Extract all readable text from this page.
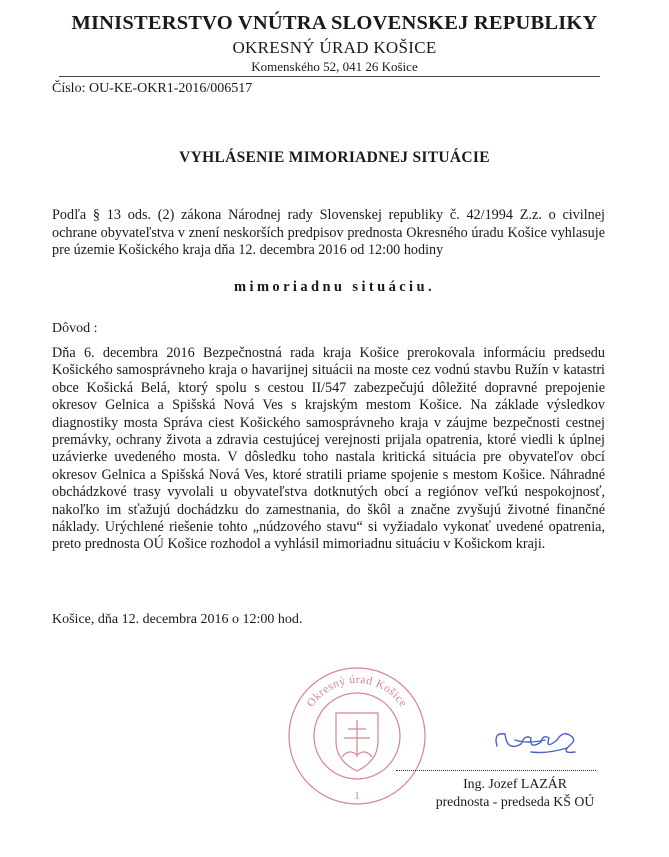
MINISTERSTVO VNÚTRA SLOVENSKEJ REPUBLIKY
OKRESNÝ ÚRAD KOŠICE
Komenského 52, 041 26 Košice
Číslo: OU-KE-OKR1-2016/006517
VYHLÁSENIE MIMORIADNEJ SITUÁCIE

Podľa § 13 ods. (2) zákona Národnej rady Slovenskej republiky č. 42/1994 Z.z. o civilnej ochrane obyvateľstva v znení neskorších predpisov prednosta Okresného úradu Košice vyhlasuje pre územie Košického kraja dňa 12. decembra 2016 od 12:00 hodiny

mimoriadnu situáciu.
Dôvod :

Dňa 6. decembra 2016 Bezpečnostná rada kraja Košice prerokovala informáciu predsedu Košického samosprávneho kraja o havarijnej situácii na moste cez vodnú stavbu Ružín v katastri obce Košická Belá, ktorý spolu s cestou II/547 zabezpečujú dôležité dopravné prepojenie okresov Gelnica a Spišská Nová Ves s krajským mestom Košice. Na základe výsledkov diagnostiky mosta Správa ciest Košického samosprávneho kraja v záujme bezpečnosti cestnej premávky, ochrany života a zdravia cestujúcej verejnosti prijala opatrenia, ktoré viedli k úplnej uzávierke uvedeného mosta. V dôsledku toho nastala kritická situácia pre obyvateľov obcí okresov Gelnica a Spišská Nová Ves, ktoré stratili priame spojenie s mestom Košice. Náhradné obchádzkové trasy vyvolali u obyvateľstva dotknutých obcí a regiónov veľkú nespokojnosť, nakoľko im sťažujú dochádzku do zamestnania, do škôl a značne zvyšujú životné finančné náklady. Urýchlené riešenie tohto „núdzového stavu“ si vyžiadalo vykonať uvedené opatrenia, preto prednosta OÚ Košice rozhodol a vyhlásil mimoriadnu situáciu v Košickom kraji.

Košice, dňa 12. decembra 2016 o 12:00 hod.
Okresný úrad Košice
1
Ing. Jozef LAZÁR
prednosta - predseda KŠ OÚ
